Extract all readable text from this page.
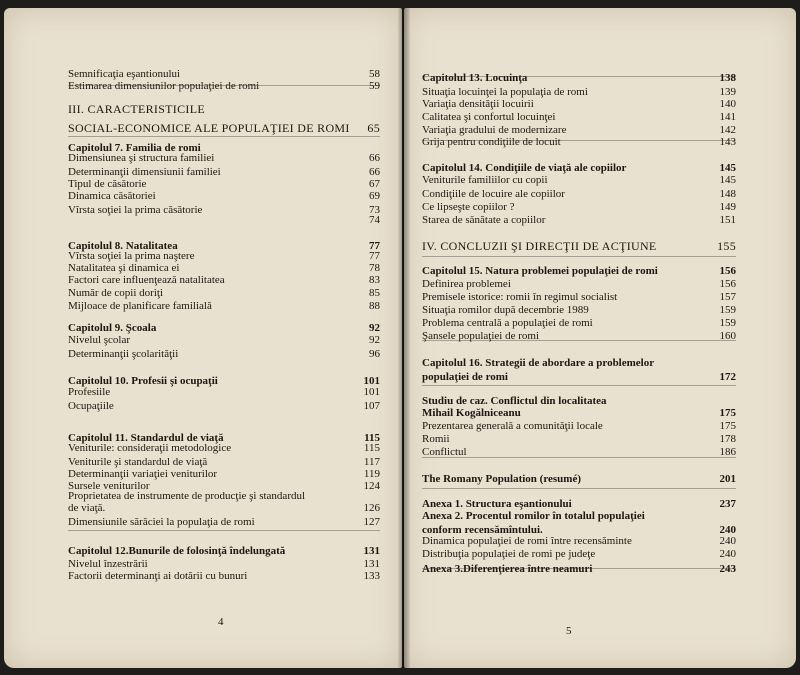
Semnificaţia eşantionului	58
Estimarea dimensiunilor populaţiei de romi	59
III. CARACTERISTICILE
SOCIAL-ECONOMICE ALE POPULAŢIEI DE ROMI 65
Capitolul 7. Familia de romi
Dimensiunea şi structura familiei	66
Determinanţii dimensiunii familiei	66
Tipul de căsătorie	67
Dinamica căsătoriei	69
Vîrsta soţiei la prima căsătorie	73
74
Capitolul 8. Natalitatea	77
Vîrsta soţiei la prima naştere	77
Natalitatea şi dinamica ei	78
Factori care influenţează natalitatea	83
Număr de copii doriţi	85
Mijloace de planificare familială	88
Capitolul 9. Şcoala	92
Nivelul şcolar	92
Determinanţii şcolarităţii	96
Capitolul 10. Profesii şi ocupaţii	101
Profesiile	101
Ocupaţiile	107
Capitolul 11. Standardul de viaţă	115
Veniturile: consideraţii metodologice	115
Veniturile şi standardul de viaţă	117
Determinanţii variaţiei veniturilor	119
Sursele veniturilor	124
Proprietatea de instrumente de producţie şi standardul
de viaţă.	126
Dimensiunile sărăciei la populaţia de romi	127
Capitolul 12.Bunurile de folosinţă îndelungată	131
Nivelul înzestrării	131
Factorii determinanţi ai dotării cu bunuri	133
Capitolul 13. Locuinţa	138
Situaţia locuinţei la populaţia de romi	139
Variaţia densităţii locuirii	140
Calitatea şi confortul locuinţei	141
Variaţia gradului de modernizare	142
Grija pentru condiţiile de locuit	143
Capitolul 14. Condiţiile de viaţă ale copiilor	145
Veniturile familiilor cu copii	145
Condiţiile de locuire ale copiilor	148
Ce lipseşte copiilor ?	149
Starea de sănătate a copiilor	151
IV. CONCLUZII ŞI DIRECŢII DE ACŢIUNE	155
Capitolul 15. Natura problemei populaţiei de romi	156
Definirea problemei	156
Premisele istorice: romii în regimul socialist	157
Situaţia romilor după decembrie 1989	159
Problema centrală a populaţiei de romi	159
Şansele populaţiei de romi	160
Capitolul 16. Strategii de abordare a problemelor
populaţiei de romi	172
Studiu de caz. Conflictul din localitatea
Mihail Kogălniceanu	175
Prezentarea generală a comunităţii locale	175
Romii	178
Conflictul	186
The Romany Population (resumé)	201
Anexa 1. Structura eşantionului	237
Anexa 2. Procentul romilor în totalul populaţiei
conform recensămîntului.	240
Dinamica populaţiei de romi între recensăminte	240
Distribuţia populaţiei de romi pe judeţe	240
Anexa 3.Diferenţierea între neamuri	243
4
5
